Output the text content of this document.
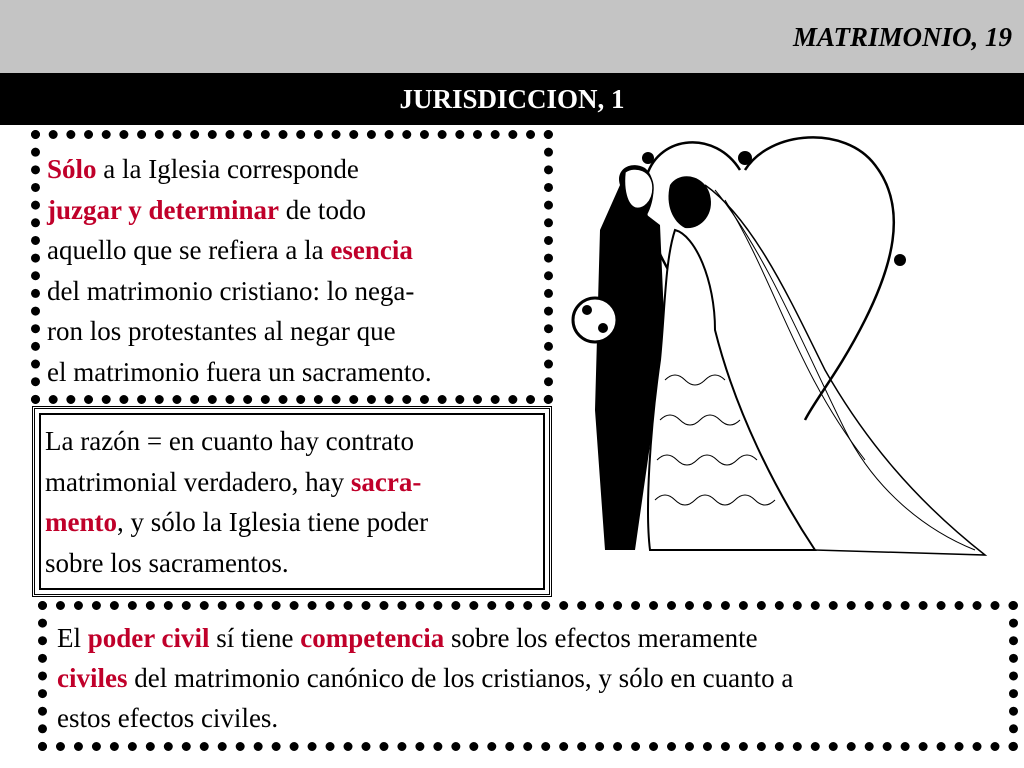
MATRIMONIO, 19
JURISDICCION, 1

Sólo a la Iglesia corresponde

juzgar y determinar de todo

aquello que se refiera a la esencia

del matrimonio cristiano: lo nega-

ron los protestantes al negar que

el matrimonio fuera un sacramento.

La razón = en cuanto hay contrato

matrimonial verdadero, hay sacra-

mento, y sólo la Iglesia tiene poder

sobre los sacramentos.

El poder civil sí tiene competencia sobre los efectos meramente

civiles del matrimonio canónico de los cristianos, y sólo en cuanto a

estos efectos civiles.
